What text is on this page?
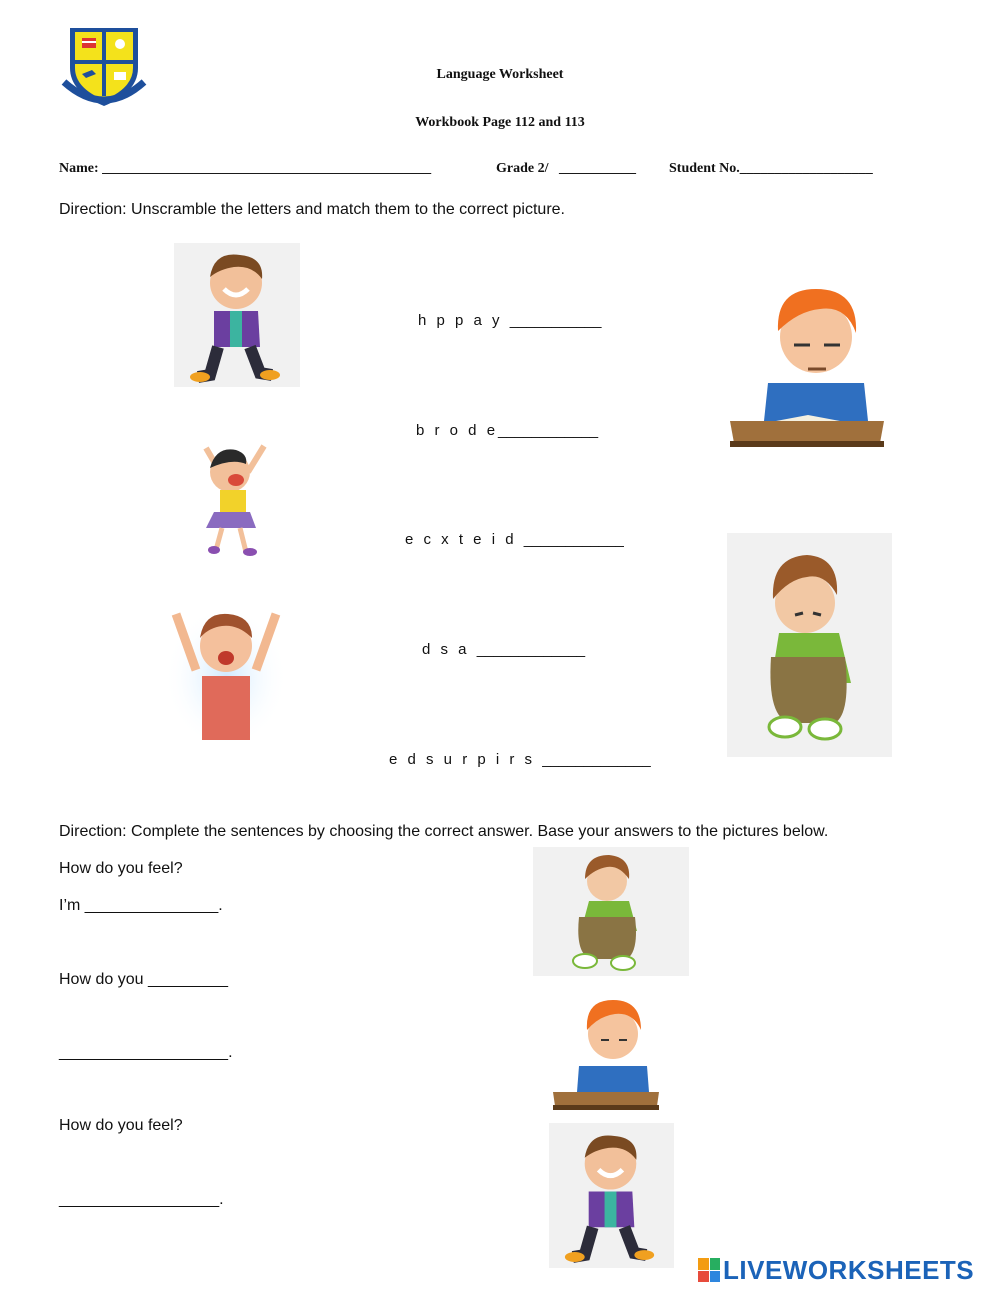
Language Worksheet
Workbook Page 112 and 113
Name: _______________________________________________	Grade 2/   ___________ Student No.___________________
Direction: Unscramble the letters and match them to the correct picture.
h p p a y ___________
b r o d e____________
e c x t e i d ____________
d s a _____________
e d s u r p i r s _____________
Direction: Complete the sentences by choosing the correct answer. Base your answers to the pictures below.
How do you feel?
I’m _______________.
How do you _________
___________________.
How do you feel?
__________________.
LIVEWORKSHEETS
